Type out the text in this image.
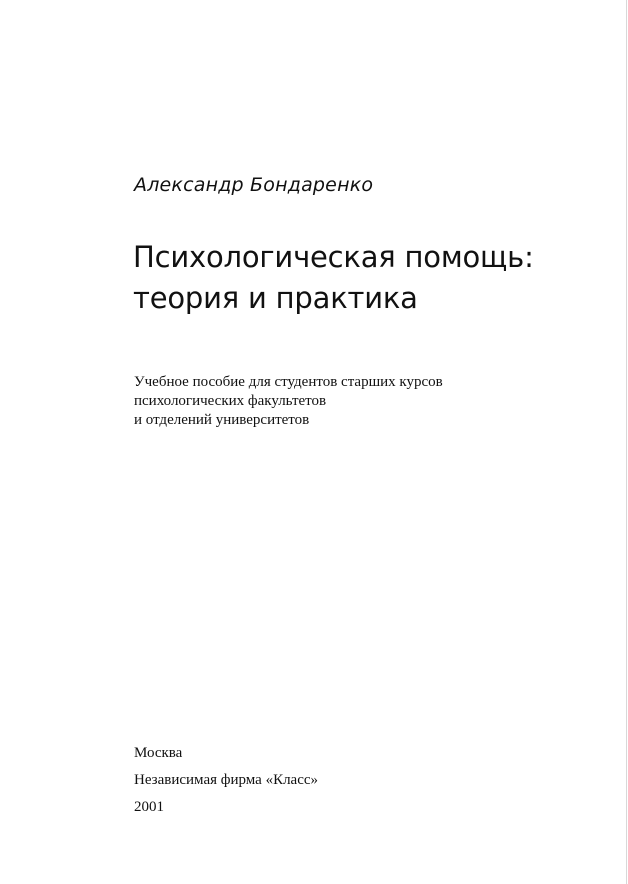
Александр Бондаренко
Психологическая помощь:
теория и практика
Учебное пособие для студентов старших курсов
психологических факультетов
и отделений университетов
Москва
Независимая фирма «Класс»
2001
